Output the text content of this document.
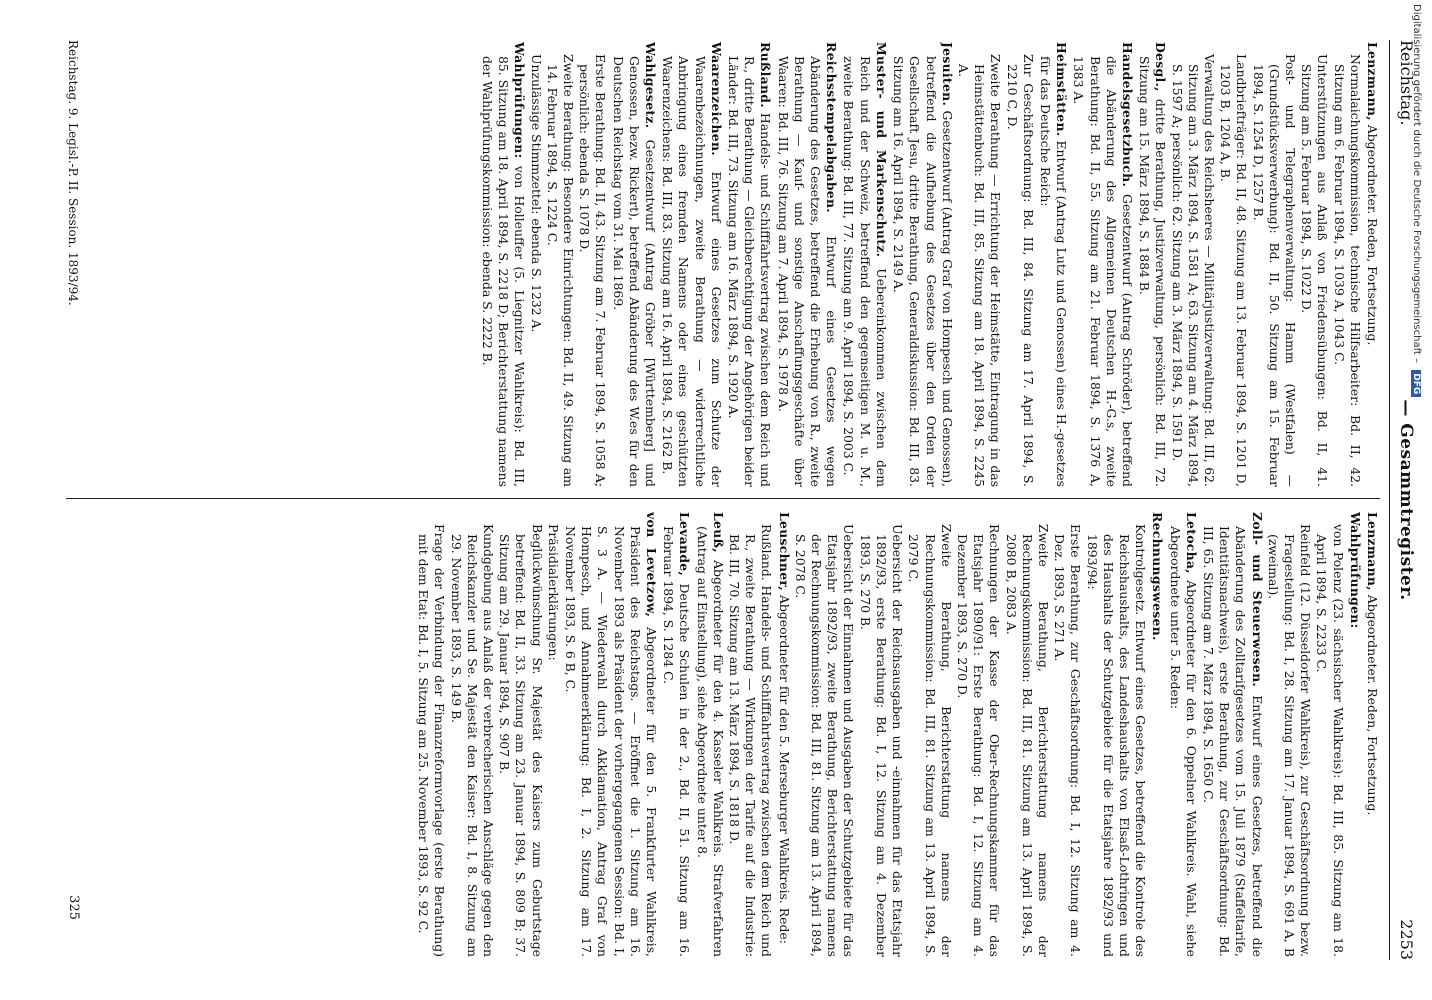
Reichstag.
— Gesammtregister.
2253

Lenzmann, Abgeordneter. Reden, Fortsetzung.

Normalaichungskommission, technische Hilfsarbeiter: Bd. II, 42. Sitzung am 6. Februar 1894, S. 1039 A, 1043 C.

Unterstützungen aus Anlaß von Friedensübungen: Bd. II, 41. Sitzung am 5. Februar 1894, S. 1022 D.

Post- und Telegraphenverwaltung: Hamm (Westfalen) — (Grundstücksverwerbung): Bd. II, 50. Sitzung am 15. Februar 1894, S. 1254 D, 1257 B.

Landbriefträger: Bd. II, 48. Sitzung am 13. Februar 1894, S. 1201 D, 1203 B, 1204 A, B.

Verwaltung des Reichsheeres — Militärjustizverwaltung: Bd. III, 62. Sitzung am 3. März 1894, S. 1581 A; 63. Sitzung am 4. März 1894, S. 1597 A; persönlich: 62. Sitzung am 3. März 1894, S. 1591 D.

Desgl., dritte Berathung, Justizverwaltung, persönlich: Bd. III, 72. Sitzung am 15. März 1894, S. 1884 B.

Handelsgesetzbuch. Gesetzentwurf (Antrag Schröder), betreffend die Abänderung des Allgemeinen Deutschen H.-G.s, zweite Berathung: Bd. II, 55. Sitzung am 21. Februar 1894, S. 1376 A, 1383 A.

Heimstätten. Entwurf (Antrag Lutz und Genossen) eines H.-gesetzes für das Deutsche Reich:

Zur Geschäftsordnung: Bd. III, 84. Sitzung am 17. April 1894, S. 2210 C, D.

Zweite Berathung — Errichtung der Heimstätte, Eintragung in das Heimstättenbuch: Bd. III, 85. Sitzung am 18. April 1894, S. 2245 A.

Jesuiten. Gesetzentwurf (Antrag Graf von Hompesch und Genossen), betreffend die Aufhebung des Gesetzes über den Orden der Gesellschaft Jesu, dritte Berathung, Generaldiskussion: Bd. III, 83. Sitzung am 16. April 1894, S. 2149 A.

Muster- und Markenschutz. Uebereinkommen zwischen dem Reich und der Schweiz, betreffend den gegenseitigen M. u. M., zweite Berathung: Bd. III, 77. Sitzung am 9. April 1894, S. 2003 C.

Reichsstempelabgaben. Entwurf eines Gesetzes wegen Abänderung des Gesetzes, betreffend die Erhebung von R., zweite Berathung — Kauf- und sonstige Anschaffungsgeschäfte über Waaren: Bd. III, 76. Sitzung am 7. April 1894, S. 1978 A.

Rußland. Handels- und Schifffahrtsvertrag zwischen dem Reich und R., dritte Berathung — Gleichberechtigung der Angehörigen beider Länder: Bd. III, 73. Sitzung am 16. März 1894, S. 1920 A.

Waarenzeichen. Entwurf eines Gesetzes zum Schutze der Waarenbezeichnungen, zweite Berathung — widerrechtliche Anbringung eines fremden Namens oder eines geschützten Waarenzeichens: Bd. III, 83. Sitzung am 16. April 1894, S. 2162 B.

Wahlgesetz. Gesetzentwurf (Antrag Gröber [Württemberg] und Genossen, bezw. Rickert), betreffend Abänderung des W.es für den Deutschen Reichstag vom 31. Mai 1869.

Erste Berathung: Bd. II, 43. Sitzung am 7. Februar 1894, S. 1058 A; persönlich: ebenda S. 1078 D.

Zweite Berathung: Besondere Einrichtungen: Bd. II, 49. Sitzung am 14. Februar 1894, S. 1224 C.

Unzulässige Stimmzettel: ebenda S. 1232 A.

Wahlprüfungen: von Holleuffer (5. Liegnitzer Wahlkreis): Bd. III, 85. Sitzung am 18. April 1894, S. 2218 D; Berichterstattung namens der Wahlprüfungskommission: ebenda S. 2222 B.

Lenzmann, Abgeordneter. Reden, Fortsetzung.

Wahlprüfungen:

von Polenz (23. sächsischer Wahlkreis): Bd. III, 85. Sitzung am 18. April 1894, S. 2233 C.

Reinfeld (12. Düsseldorfer Wahlkreis), zur Geschäftsordnung bezw. Fragestellung: Bd. I, 28. Sitzung am 17. Januar 1894, S. 691 A, B (zweimal).

Zoll- und Steuerwesen. Entwurf eines Gesetzes, betreffend die Abänderung des Zolltarifgesetzes vom 15. Juli 1879 (Staffeltarife, Identitätsnachweis), erste Berathung, zur Geschäftsordnung: Bd. III, 65. Sitzung am 7. März 1894, S. 1650 C.

Letocha, Abgeordneter für den 6. Oppelner Wahlkreis. Wahl, siehe Abgeordnete unter 5. Reden:

Rechnungswesen.

Kontrolgesetz. Entwurf eines Gesetzes, betreffend die Kontrole des Reichshaushalts, des Landeshaushalts von Elsaß-Lothringen und des Haushalts der Schutzgebiete für die Etatsjahre 1892/93 und 1893/94:

Erste Berathung, zur Geschäftsordnung: Bd. I, 12. Sitzung am 4. Dez. 1893, S. 271 A.

Zweite Berathung, Berichterstattung namens der Rechnungskommission: Bd. III, 81. Sitzung am 13. April 1894, S. 2080 B, 2083 A.

Rechnungen der Kasse der Ober-Rechnungskammer für das Etatsjahr 1890/91: Erste Berathung: Bd. I, 12. Sitzung am 4. Dezember 1893, S. 270 D.

Zweite Berathung, Berichterstattung namens der Rechnungskommission: Bd. III, 81. Sitzung am 13. April 1894, S. 2079 C.

Uebersicht der Reichsausgaben und -einnahmen für das Etatsjahr 1892/93, erste Berathung: Bd. I, 12. Sitzung am 4. Dezember 1893, S. 270 B.

Uebersicht der Einnahmen und Ausgaben der Schutzgebiete für das Etatsjahr 1892/93, zweite Berathung, Berichterstattung namens der Rechnungskommission: Bd. III, 81. Sitzung am 13. April 1894, S. 2078 C.

Leuschner, Abgeordneter für den 5. Merseburger Wahlkreis. Rede:

Rußland. Handels- und Schifffahrtsvertrag zwischen dem Reich und R., zweite Berathung — Wirkungen der Tarife auf die Industrie: Bd. III, 70. Sitzung am 13. März 1894, S. 1818 D.

Leuß, Abgeordneter für den 4. Kasseler Wahlkreis. Strafverfahren (Antrag auf Einstellung), siehe Abgeordnete unter 8.

Levande, Deutsche Schulen in der 2., Bd. II, 51. Sitzung am 16. Februar 1894, S. 1284 C.

von Levetzow, Abgeordneter für den 5. Frankfurter Wahlkreis, Präsident des Reichstags. — Eröffnet die 1. Sitzung am 16. November 1893 als Präsident der vorhergegangenen Session: Bd. I, S. 3 A. — Wiederwahl durch Akklamation, Antrag Graf von Hompesch, und Annahmeerklärung: Bd. I, 2. Sitzung am 17. November 1893, S. 6 B, C.

Präsidialerklärungen:

Beglückwünschung Sr. Majestät des Kaisers zum Geburtstage betreffend: Bd. II, 33. Sitzung am 23. Januar 1894, S. 809 B; 37. Sitzung am 29. Januar 1894, S. 907 B.

Kundgebung aus Anlaß der verbrecherischen Anschläge gegen den Reichskanzler und Se. Majestät den Kaiser: Bd. I, 8. Sitzung am 29. November 1893, S. 149 B.

Frage der Verbindung der Finanzreformvorlage (erste Berathung) mit dem Etat: Bd. I, 5. Sitzung am 25. November 1893, S. 92 C.

Reichstag. 9. Legisl.-P. II. Session. 1893/94.
325
Digitalisierung gefördert durch die Deutsche Forschungsgemeinschaft – DFG
